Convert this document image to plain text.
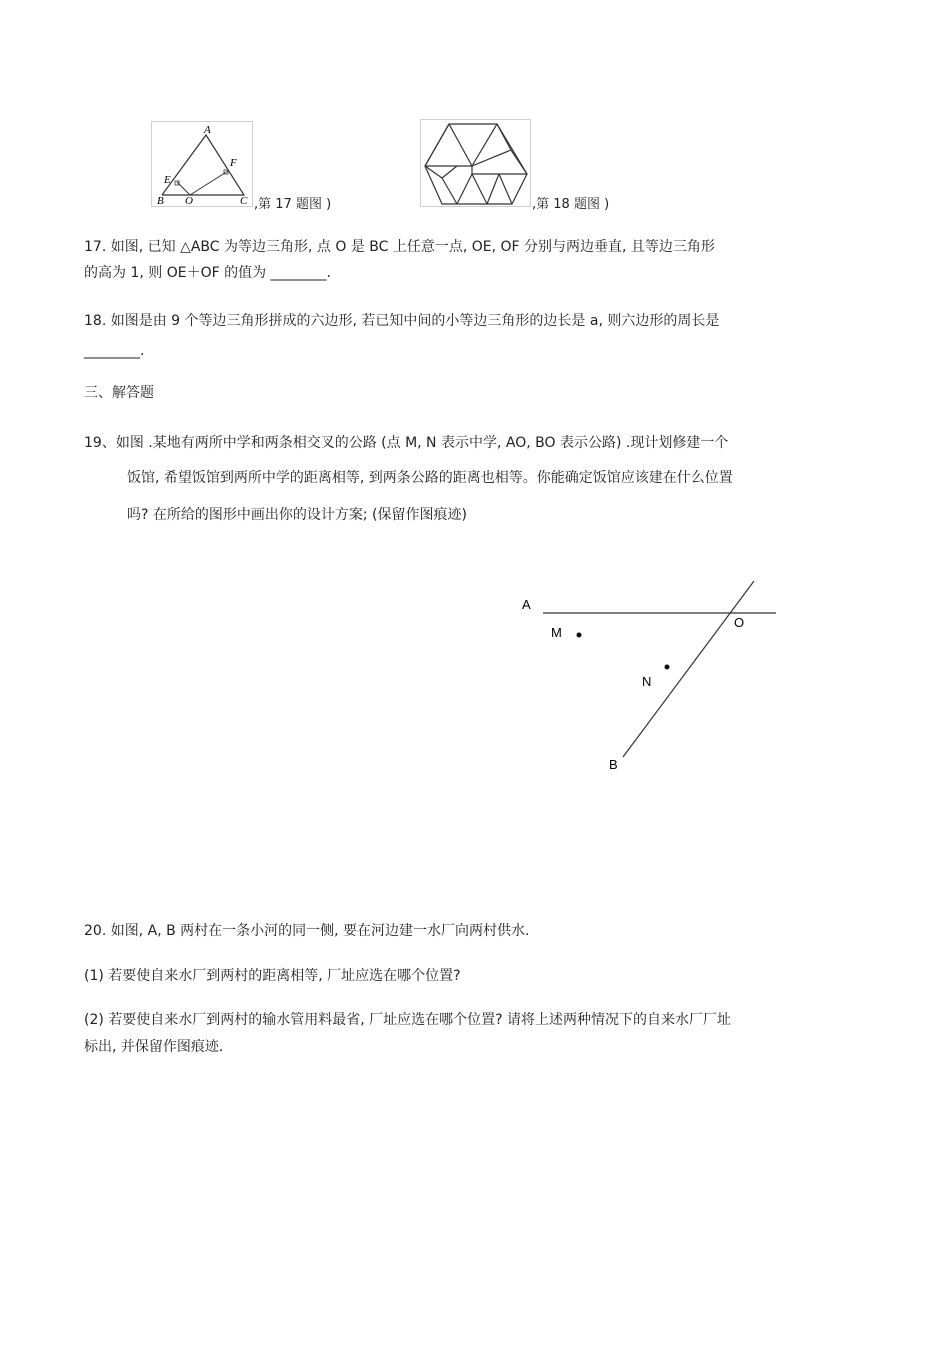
A
B	C
E
F
O	,第 17 题图 )	,第 18 题图 )
17. 如图, 已知 △ABC 为等边三角形, 点 O 是 BC 上任意一点, OE, OF 分别与两边垂直, 且等边三角形
的高为 1, 则 OE＋OF 的值为 ________.
18. 如图是由 9 个等边三角形拼成的六边形, 若已知中间的小等边三角形的边长是 a, 则六边形的周长是
________.
三、解答题
19、如图 .某地有两所中学和两条相交叉的公路 (点 M, N 表示中学, AO, BO 表示公路) .现计划修建一个
饭馆, 希望饭馆到两所中学的距离相等, 到两条公路的距离也相等。你能确定饭馆应该建在什么位置
吗? 在所给的图形中画出你的设计方案; (保留作图痕迹)
A
M
O
N
B
20. 如图, A, B 两村在一条小河的同一侧, 要在河边建一水厂向两村供水.
(1) 若要使自来水厂到两村的距离相等, 厂址应选在哪个位置?
(2) 若要使自来水厂到两村的输水管用料最省, 厂址应选在哪个位置? 请将上述两种情况下的自来水厂厂址
标出, 并保留作图痕迹.
